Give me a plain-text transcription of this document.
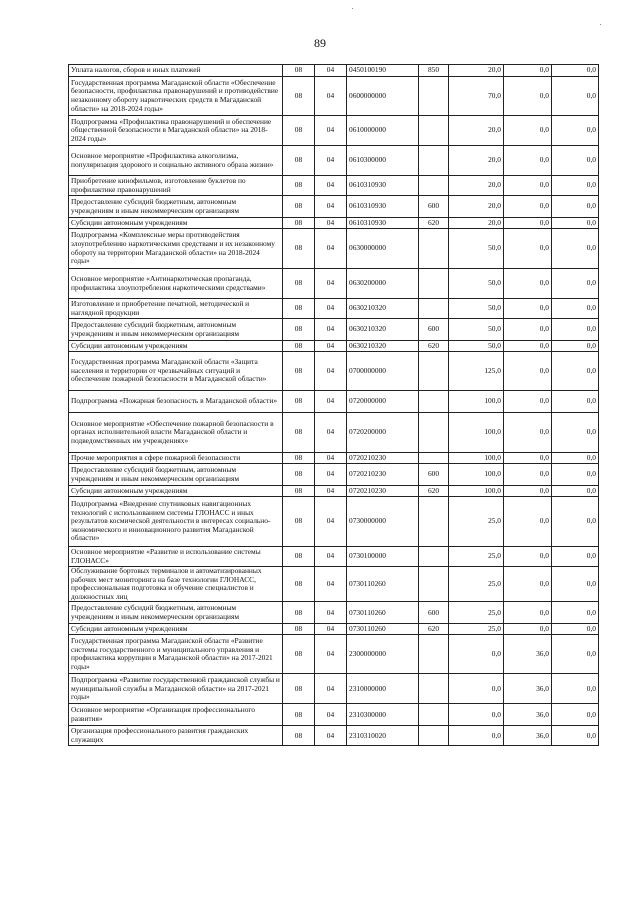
89
Уплата налогов, сборов и иных платежей	08	04	0450100190	850	20,0	0,0	0,0
Государственная программа Магаданской области «Обеспечение безопасности, профилактика правонарушений и противодействие незаконному обороту наркотических средств в Магаданской области» на 2018-2024 годы»	08	04	0600000000		70,0	0,0	0,0
Подпрограмма «Профилактика правонарушений и обеспечение общественной безопасности в Магаданской области» на 2018-2024 годы»	08	04	0610000000		20,0	0,0	0,0
Основное мероприятие «Профилактика алкоголизма, популяризация здорового и социально активного образа жизни»	08	04	0610300000		20,0	0,0	0,0
Приобретение кинофильмов, изготовление буклетов по профилактике правонарушений	08	04	0610310930		20,0	0,0	0,0
Предоставление субсидий бюджетным, автономным учреждениям и иным некоммерческим организациям	08	04	0610310930	600	20,0	0,0	0,0
Субсидии автономным учреждениям	08	04	0610310930	620	20,0	0,0	0,0
Подпрограмма «Комплексные меры противодействия злоупотреблению наркотическими средствами и их незаконному обороту на территории Магаданской области» на 2018-2024 годы»	08	04	0630000000		50,0	0,0	0,0
Основное мероприятие «Антинаркотическая пропаганда, профилактика злоупотребления наркотическими средствами»	08	04	0630200000		50,0	0,0	0,0
Изготовление и приобретение печатной, методической и наглядной продукции	08	04	0630210320		50,0	0,0	0,0
Предоставление субсидий бюджетным, автономным учреждениям и иным некоммерческим организациям	08	04	0630210320	600	50,0	0,0	0,0
Субсидии автономным учреждениям	08	04	0630210320	620	50,0	0,0	0,0
Государственная программа Магаданской области «Защита населения и территории от чрезвычайных ситуаций и обеспечение пожарной безопасности в Магаданской области»	08	04	0700000000		125,0	0,0	0,0
Подпрограмма «Пожарная безопасность в Магаданской области»	08	04	0720000000		100,0	0,0	0,0
Основное мероприятие «Обеспечение пожарной безопасности в органах исполнительной власти Магаданской области и подведомственных им учреждениях»	08	04	0720200000		100,0	0,0	0,0
Прочие мероприятия в сфере пожарной безопасности	08	04	0720210230		100,0	0,0	0,0
Предоставление субсидий бюджетным, автономным учреждениям и иным некоммерческим организациям	08	04	0720210230	600	100,0	0,0	0,0
Субсидии автономным учреждениям	08	04	0720210230	620	100,0	0,0	0,0
Подпрограмма «Внедрение спутниковых навигационных технологий с использованием системы ГЛОНАСС и иных результатов космической деятельности в интересах социально-экономического и инновационного развития Магаданской области»	08	04	0730000000		25,0	0,0	0,0
Основное мероприятие «Развитие и использование системы ГЛОНАСС»	08	04	0730100000		25,0	0,0	0,0
Обслуживание бортовых терминалов и автоматизированных рабочих мест мониторинга на базе технологии ГЛОНАСС, профессиональная подготовка и обучение специалистов и должностных лиц	08	04	0730110260		25,0	0,0	0,0
Предоставление субсидий бюджетным, автономным учреждениям и иным некоммерческим организациям	08	04	0730110260	600	25,0	0,0	0,0
Субсидии автономным учреждениям	08	04	0730110260	620	25,0	0,0	0,0
Государственная программа Магаданской области «Развитие системы государственного и муниципального управления и профилактика коррупции в Магаданской области» на 2017-2021 годы»	08	04	2300000000		0,0	36,0	0,0
Подпрограмма «Развитие государственной гражданской службы и муниципальной службы в Магаданской области» на 2017-2021 годы»	08	04	2310000000		0,0	36,0	0,0
Основное мероприятие «Организация профессионального развития»	08	04	2310300000		0,0	36,0	0,0
Организация профессионального развития гражданских служащих	08	04	2310310020		0,0	36,0	0,0
